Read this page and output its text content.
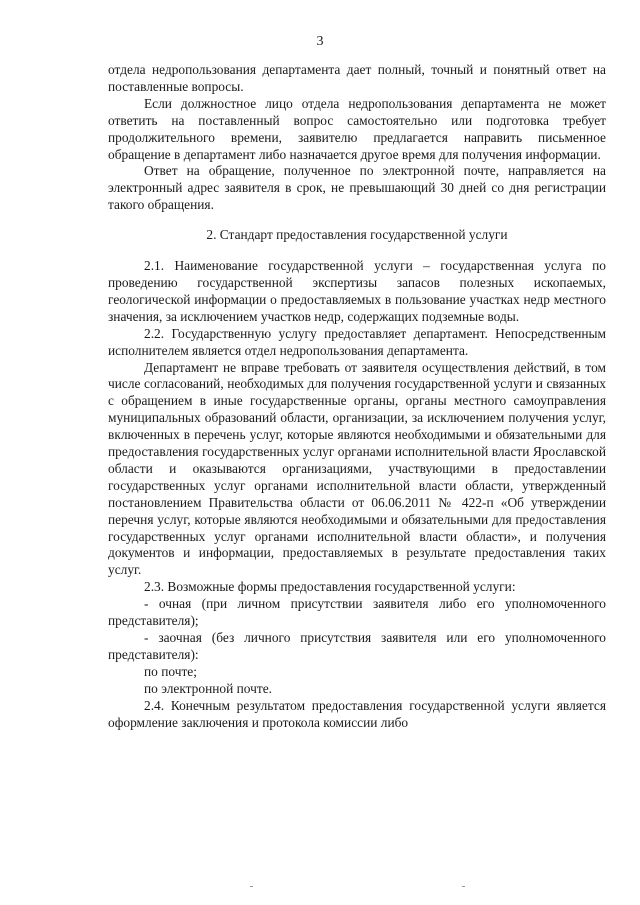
3

отдела недропользования департамента дает полный, точный и понятный ответ на поставленные вопросы.

Если должностное лицо отдела недропользования департамента не может ответить на поставленный вопрос самостоятельно или подготовка требует продолжительного времени, заявителю предлагается направить письменное обращение в департамент либо назначается другое время для получения информации.

Ответ на обращение, полученное по электронной почте, направляется на электронный адрес заявителя в срок, не превышающий 30 дней со дня регистрации такого обращения.

2. Стандарт предоставления государственной услуги

2.1. Наименование государственной услуги – государственная услуга по проведению государственной экспертизы запасов полезных ископаемых, геологической информации о предоставляемых в пользование участках недр местного значения, за исключением участков недр, содержащих подземные воды.

2.2. Государственную услугу предоставляет департамент. Непосредственным исполнителем является отдел недропользования департамента.

Департамент не вправе требовать от заявителя осуществления действий, в том числе согласований, необходимых для получения государственной услуги и связанных с обращением в иные государственные органы, органы местного самоуправления муниципальных образований области, организации, за исключением получения услуг, включенных в перечень услуг, которые являются необходимыми и обязательными для предоставления государственных услуг органами исполнительной власти Ярославской области и оказываются организациями, участвующими в предоставлении государственных услуг органами исполнительной власти области, утвержденный постановлением Правительства области от 06.06.2011 № 422-п «Об утверждении перечня услуг, которые являются необходимыми и обязательными для предоставления государственных услуг органами исполнительной власти области», и получения документов и информации, предоставляемых в результате предоставления таких услуг.

2.3. Возможные формы предоставления государственной услуги:

- очная (при личном присутствии заявителя либо его уполномоченного представителя);

- заочная (без личного присутствия заявителя или его уполномоченного представителя):

по почте;

по электронной почте.

2.4. Конечным результатом предоставления государственной услуги является оформление заключения и протокола комиссии либо
